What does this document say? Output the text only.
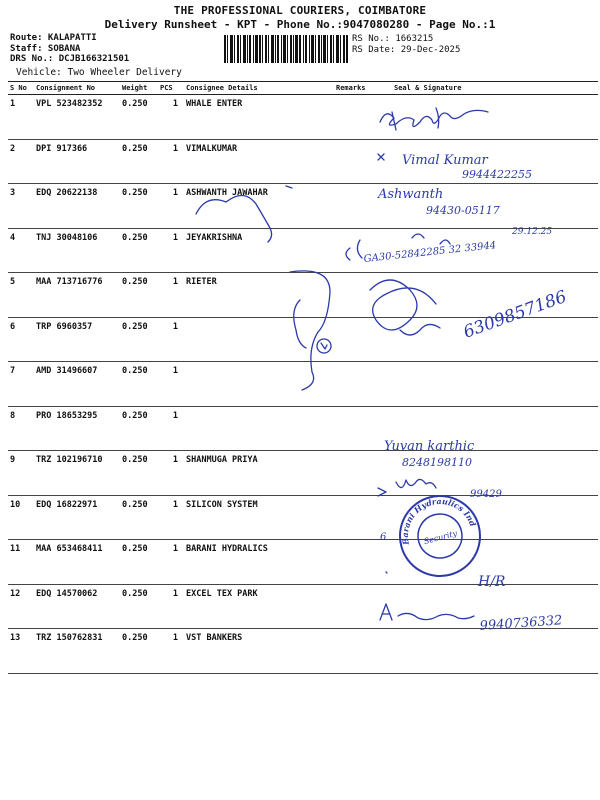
THE PROFESSIONAL COURIERS, COIMBATORE
Delivery Runsheet - KPT - Phone No.:9047080280 - Page No.:1
Route: KALAPATTI
Staff: SOBANA
DRS No.: DCJB166321501
Vehicle: Two Wheeler Delivery
RS No.: 1663215
RS Date: 29-Dec-2025
S No	Consignment No	Weight	PCS	Consignee Details	Remarks	Seal & Signature
1	VPL 523482352	0.250	1	WHALE ENTER		
2	DPI 917366	0.250	1	VIMALKUMAR		
3	EDQ 20622138	0.250	1	ASHWANTH JAWAHAR		
4	TNJ 30048106	0.250	1	JEYAKRISHNA		
5	MAA 713716776	0.250	1	RIETER		
6	TRP 6960357	0.250	1			
7	AMD 31496607	0.250	1			
8	PRO 18653295	0.250	1			
9	TRZ 102196710	0.250	1	SHANMUGA PRIYA		
10	EDQ 16822971	0.250	1	SILICON SYSTEM		
11	MAA 653468411	0.250	1	BARANI HYDRALICS		
12	EDQ 14570062	0.250	1	EXCEL TEX PARK		
13	TRZ 150762831	0.250	1	VST BANKERS		
Vimal Kumar
9944422255
Ashwanth
94430-05117
29.12.25
GA30-52842285 32 33944
6309857186
Yuvan karthic
8248198110
99429
Barani Hydraulics India
Security
6
H/R
9940736332
